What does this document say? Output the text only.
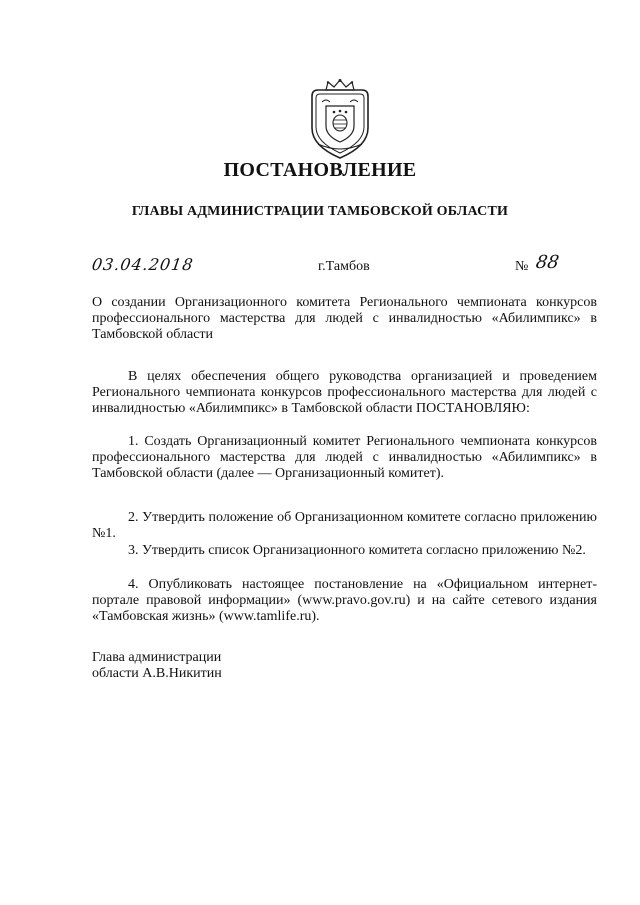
ПОСТАНОВЛЕНИЕ
ГЛАВЫ АДМИНИСТРАЦИИ ТАМБОВСКОЙ ОБЛАСТИ
03.04.2018	г.Тамбов	№ 88
О создании Организационного комитета Регионального чемпионата конкурсов профессионального мастерства для людей с инвалидностью «Абилимпикс» в Тамбовской области

В целях обеспечения общего руководства организацией и проведением Регионального чемпионата конкурсов профессионального мастерства для людей с инвалидностью «Абилимпикс» в Тамбовской области ПОСТАНОВЛЯЮ:

1. Создать Организационный комитет Регионального чемпионата конкурсов профессионального мастерства для людей с инвалидностью «Абилимпикс» в Тамбовской области (далее — Организационный комитет).

2. Утвердить положение об Организационном комитете согласно приложению №1.

3. Утвердить список Организационного комитета согласно приложению №2.

4. Опубликовать настоящее постановление на «Официальном интернет-портале правовой информации» (www.pravo.gov.ru) и на сайте сетевого издания «Тамбовская жизнь» (www.tamlife.ru).

Глава администрации
области А.В.Никитин
